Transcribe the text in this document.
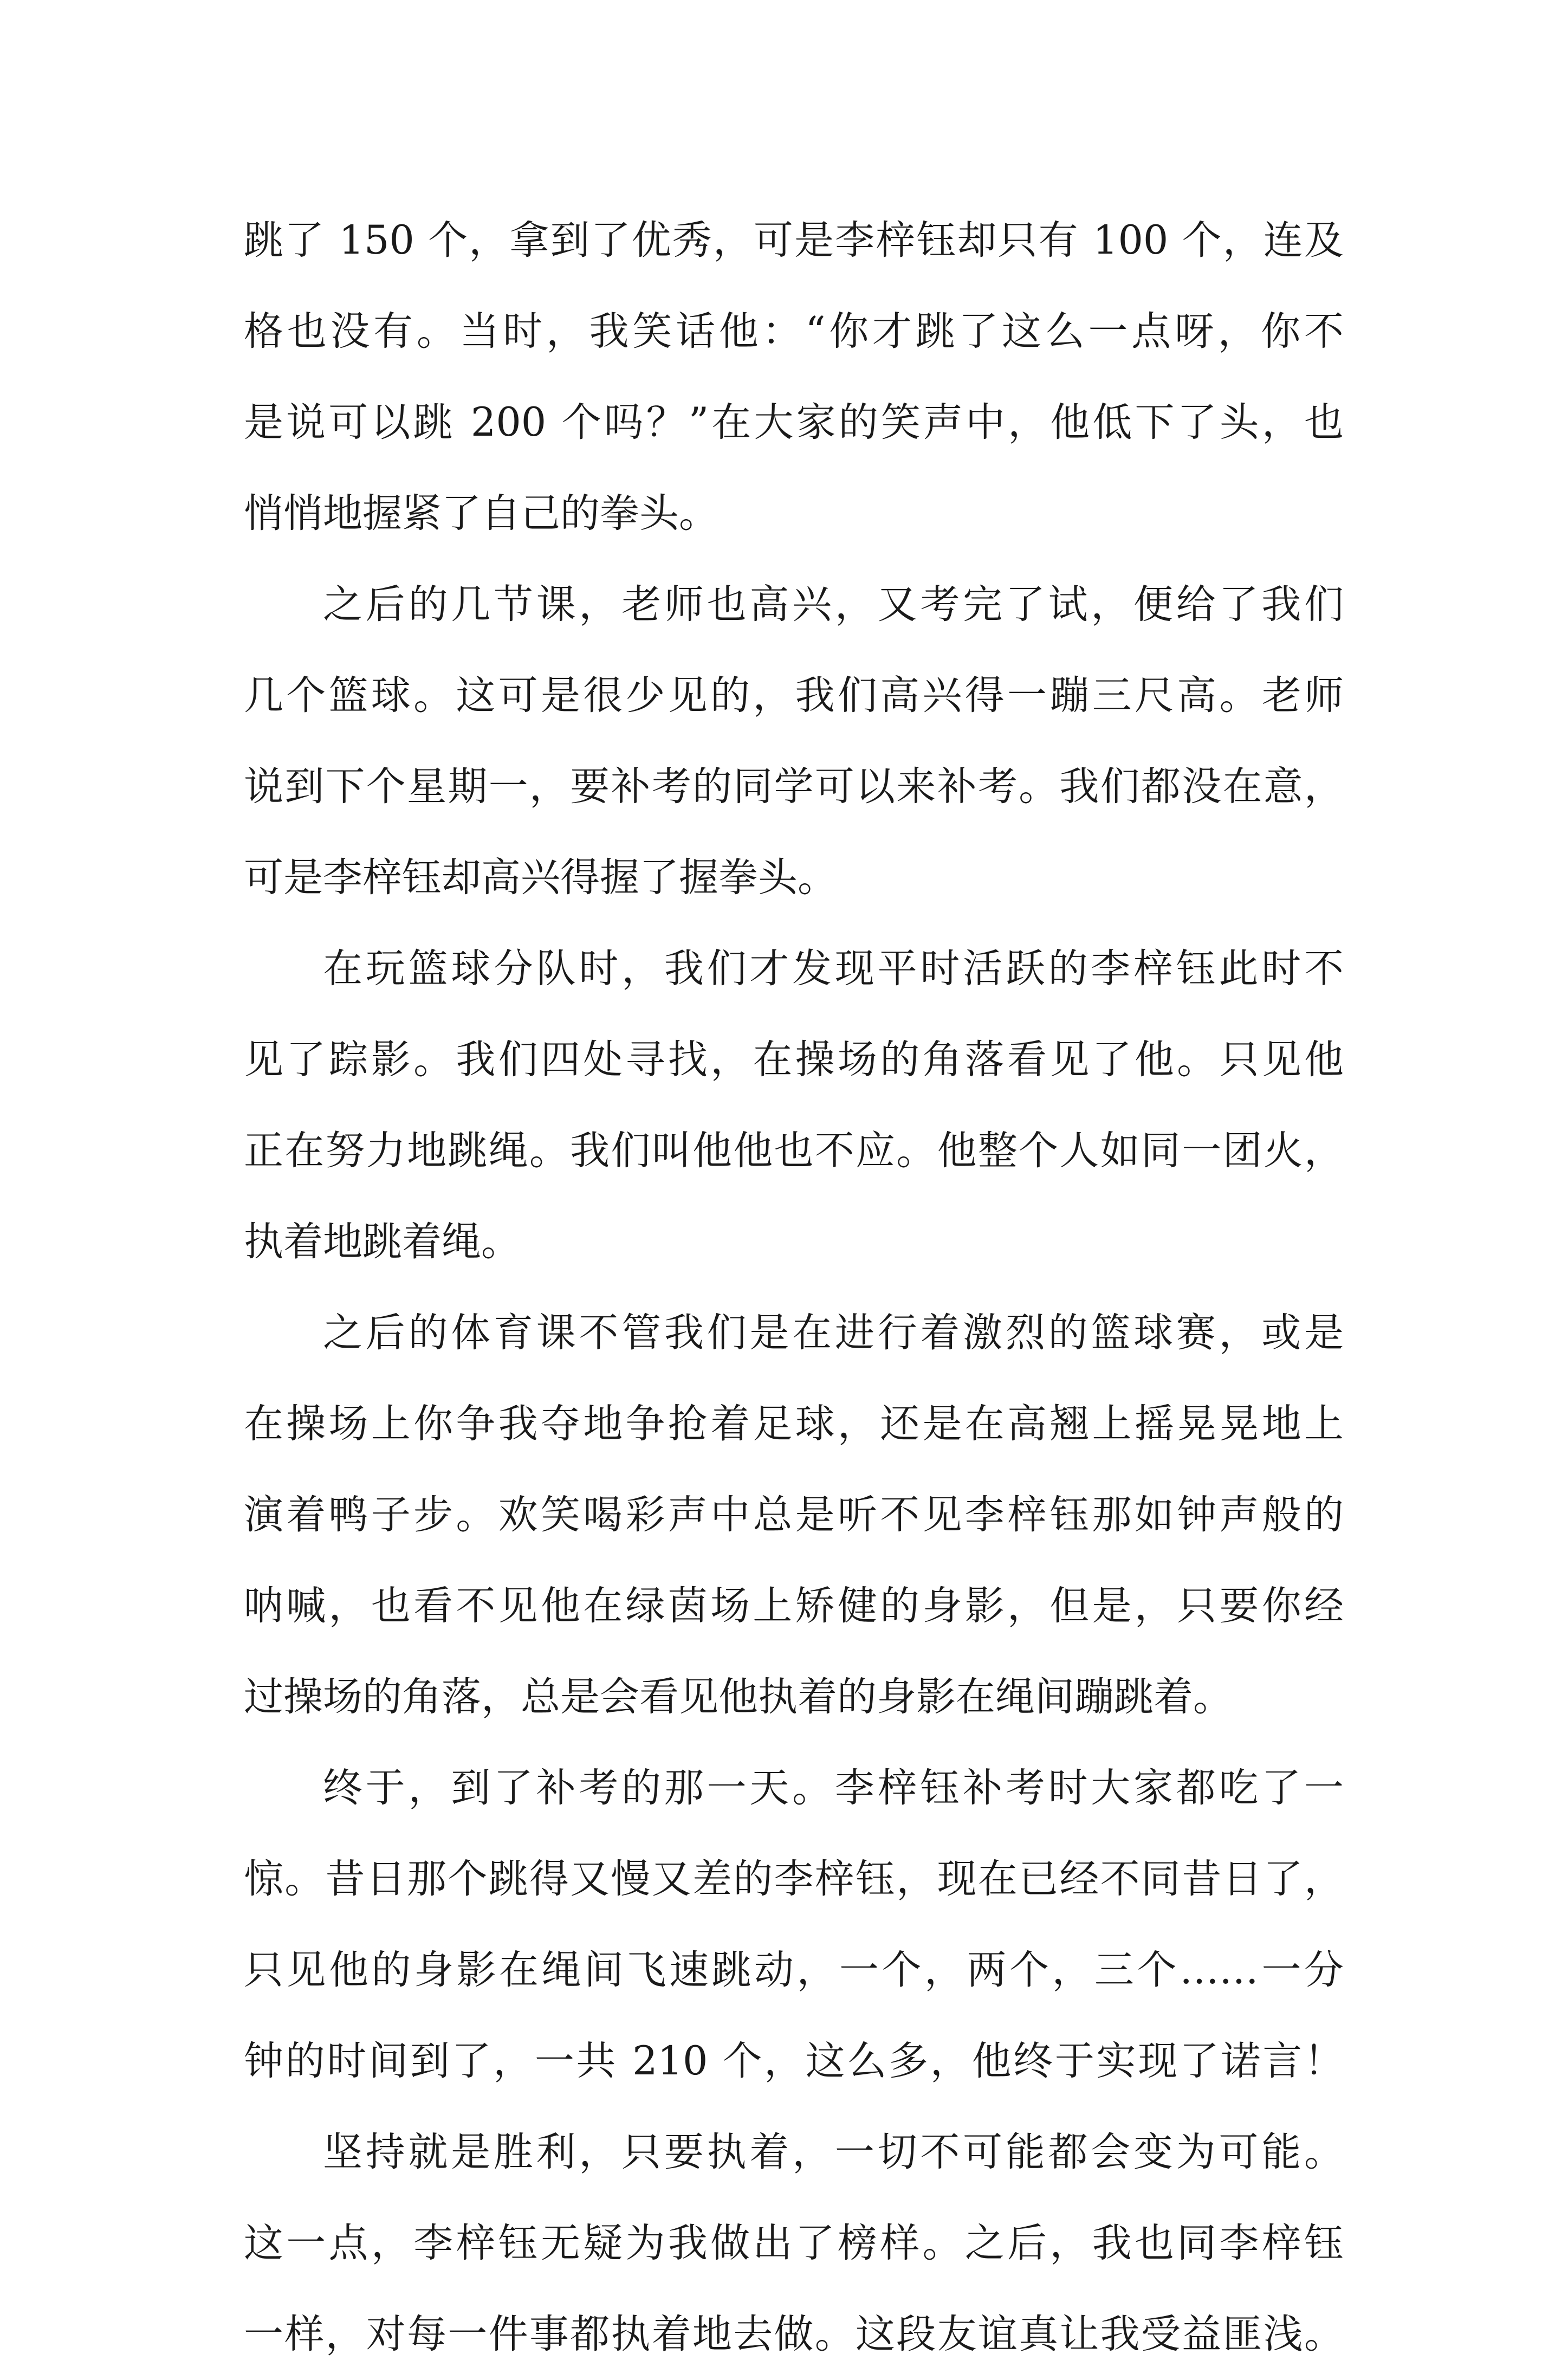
跳了 150 个，拿到了优秀，可是李梓钰却只有 100 个，连及
格也没有。当时，我笑话他：“你才跳了这么一点呀，你不
是说可以跳 200 个吗？”在大家的笑声中，他低下了头，也
悄悄地握紧了自己的拳头。
之后的几节课，老师也高兴，又考完了试，便给了我们
几个篮球。这可是很少见的，我们高兴得一蹦三尺高。老师
说到下个星期一，要补考的同学可以来补考。我们都没在意，
可是李梓钰却高兴得握了握拳头。
在玩篮球分队时，我们才发现平时活跃的李梓钰此时不
见了踪影。我们四处寻找，在操场的角落看见了他。只见他
正在努力地跳绳。我们叫他他也不应。他整个人如同一团火，
执着地跳着绳。
之后的体育课不管我们是在进行着激烈的篮球赛，或是
在操场上你争我夺地争抢着足球，还是在高翘上摇晃晃地上
演着鸭子步。欢笑喝彩声中总是听不见李梓钰那如钟声般的
呐喊，也看不见他在绿茵场上矫健的身影，但是，只要你经
过操场的角落，总是会看见他执着的身影在绳间蹦跳着。
终于，到了补考的那一天。李梓钰补考时大家都吃了一
惊。昔日那个跳得又慢又差的李梓钰，现在已经不同昔日了，
只见他的身影在绳间飞速跳动，一个，两个，三个……一分
钟的时间到了，一共 210 个，这么多，他终于实现了诺言！
坚持就是胜利，只要执着，一切不可能都会变为可能。
这一点，李梓钰无疑为我做出了榜样。之后，我也同李梓钰
一样，对每一件事都执着地去做。这段友谊真让我受益匪浅。
